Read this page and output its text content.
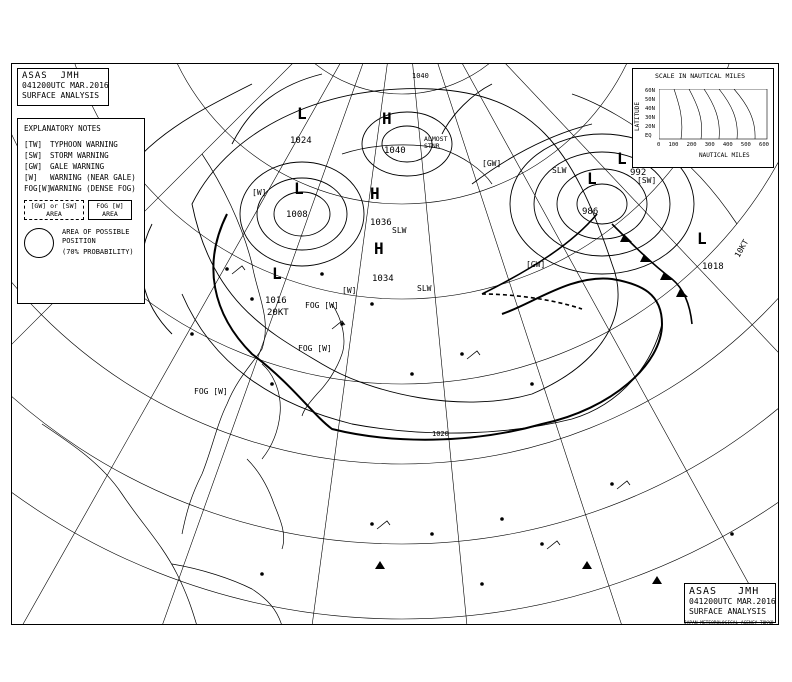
H
H
H
L
L
L
L
L
L
1040
1036
1034
1008	986
1016
1018
1024
992
1020
1040
ALMOST STNR
SLW
SLW
SLW
20KT
10KT
FOG [W]
FOG [W]
FOG [W]
[GW]
[GW]
[SW]
[W]
[W]
ASAS JMH
041200UTC MAR.2016
SURFACE ANALYSIS
EXPLANATORY NOTES
[TW]	TYPHOON WARNING
[SW]	STORM WARNING
[GW]	GALE WARNING
[W]	WARNING (NEAR GALE)
FOG[W]
WARNING (DENSE FOG)
[GW] or [SW]
AREA
FOG [W]
AREA
AREA OF POSSIBLE POSITION
(70% PROBABILITY)
SCALE IN NAUTICAL MILES
LATITUDE
60N
50N
40N
30N
20N
EQ
0 100 200 300 400 500 600
NAUTICAL MILES
ASAS JMH
041200UTC MAR.2016
SURFACE ANALYSIS
JAPAN METEOROLOGICAL AGENCY TOKYO
